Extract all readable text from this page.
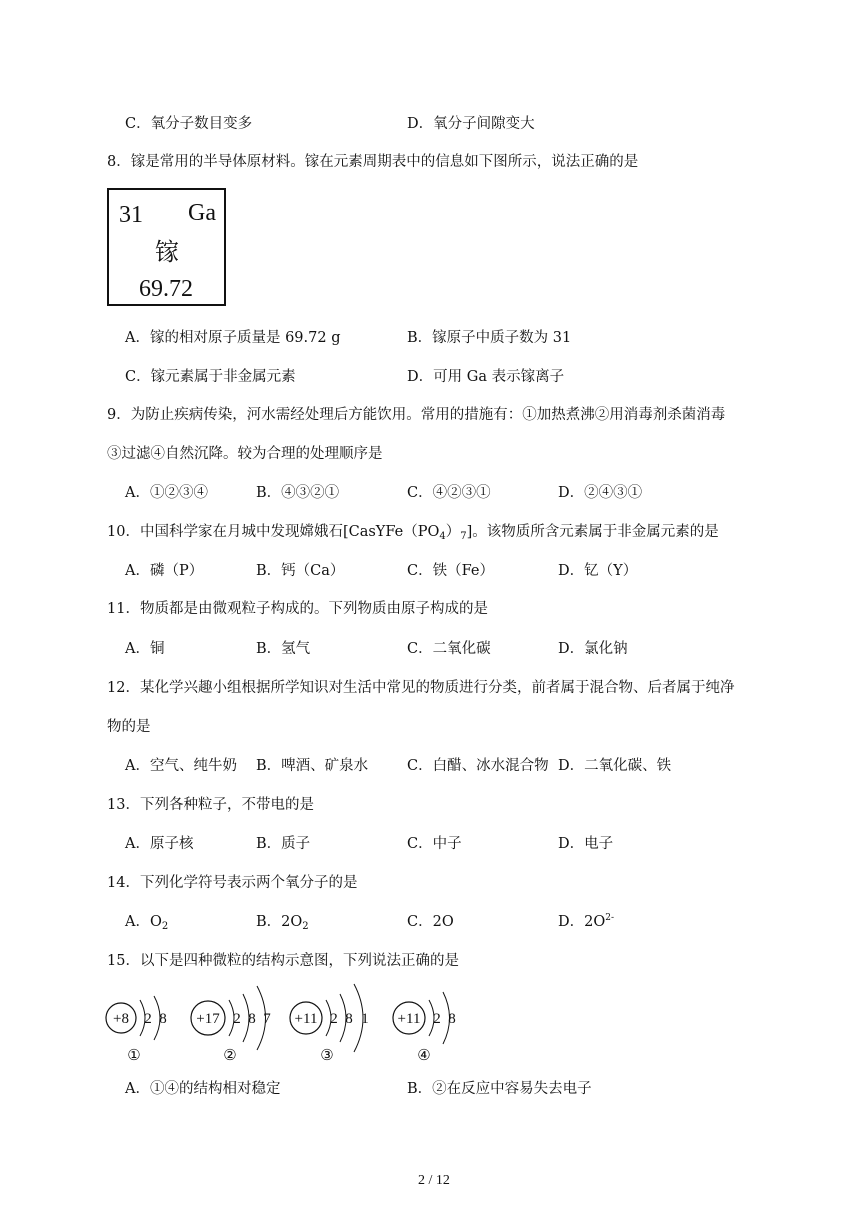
C．氧分子数目变多	D．氧分子间隙变大
8．镓是常用的半导体原材料。镓在元素周期表中的信息如下图所示，说法正确的是
31 Ga
镓
69.72
A．镓的相对原子质量是 69.72 g	B．镓原子中质子数为 31
C．镓元素属于非金属元素	D．可用 Ga 表示镓离子
9．为防止疾病传染，河水需经处理后方能饮用。常用的措施有：①加热煮沸②用消毒剂杀菌消毒
③过滤④自然沉降。较为合理的处理顺序是
A．①②③④	B．④③②①	C．④②③①	D．②④③①
10．中国科学家在月城中发现嫦娥石$[CasYFe(PO_4)_7]$。该物质所含元素属于非金属元素的是
A．磷（P）	B．钙（Ca）	C．铁（Fe）	D．钇（Y）
11．物质都是由微观粒子构成的。下列物质由原子构成的是
A．铜	B．氢气	C．二氧化碳	D．氯化钠
12．某化学兴趣小组根据所学知识对生活中常见的物质进行分类，前者属于混合物、后者属于纯净
物的是
A．空气、纯牛奶 B．啤酒、矿泉水	C．白醋、冰水混合物 D．二氧化碳、铁
13．下列各种粒子，不带电的是
A．原子核	B．质子	C．中子	D．电子
14．下列化学符号表示两个氧分子的是
A．$O_2$	B．$2O_2$	C．2O	D．$2O^{2-}$
15．以下是四种微粒的结构示意图，下列说法正确的是
+8 2 8
①
+17 2 8 7
②
+11 2 8 1
③
+11 2 8
④
A．①④的结构相对稳定	B．②在反应中容易失去电子
2 / 12
